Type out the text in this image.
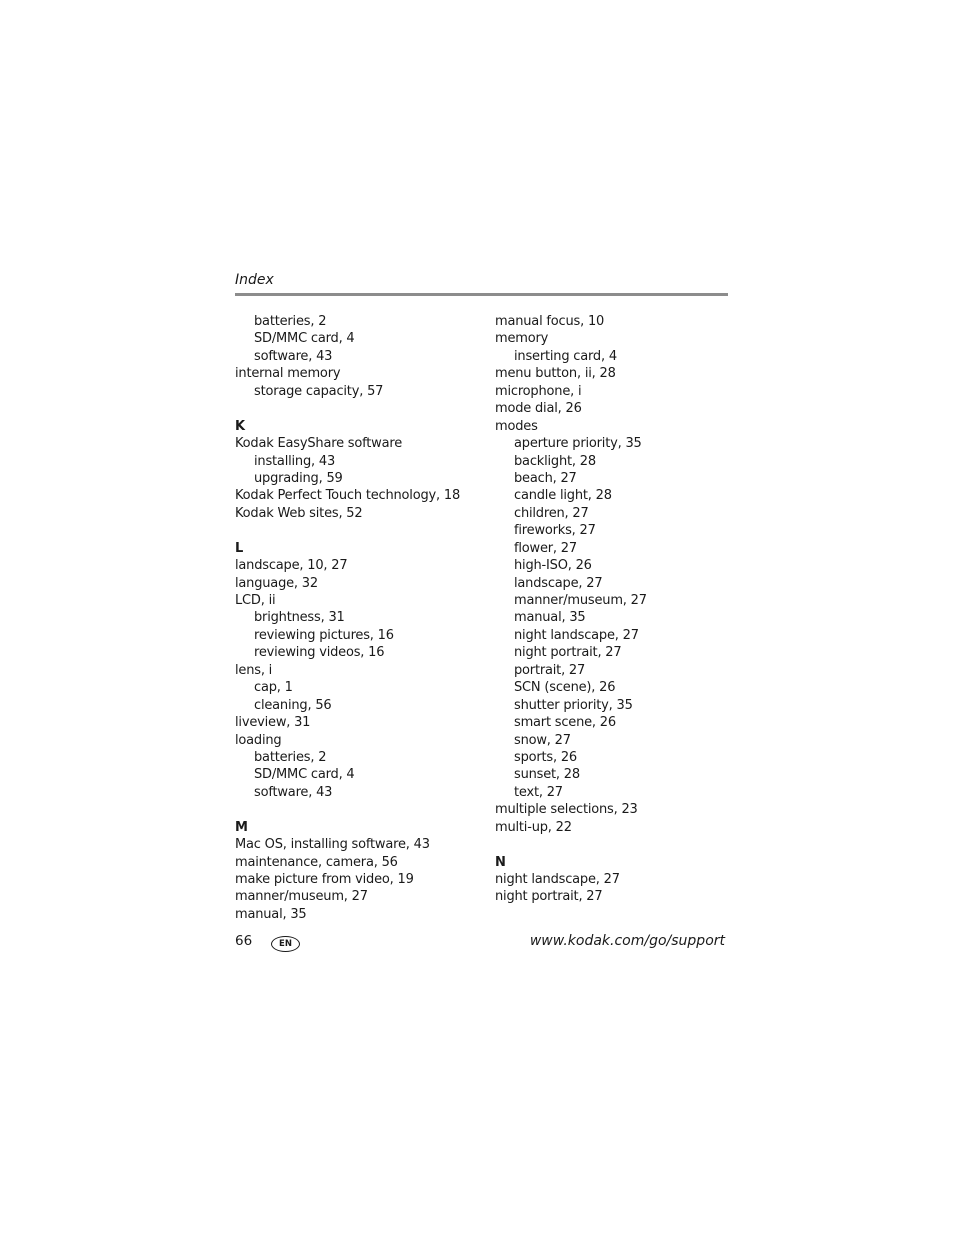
Index
batteries, 2
SD/MMC card, 4
software, 43
internal memory
storage capacity, 57
K
Kodak EasyShare software
installing, 43
upgrading, 59
Kodak Perfect Touch technology, 18
Kodak Web sites, 52
L
landscape, 10, 27
language, 32
LCD, ii
brightness, 31
reviewing pictures, 16
reviewing videos, 16
lens, i
cap, 1
cleaning, 56
liveview, 31
loading
batteries, 2
SD/MMC card, 4
software, 43
M
Mac OS, installing software, 43
maintenance, camera, 56
make picture from video, 19
manner/museum, 27
manual, 35
manual focus, 10
memory
inserting card, 4
menu button, ii, 28
microphone, i
mode dial, 26
modes
aperture priority, 35
backlight, 28
beach, 27
candle light, 28
children, 27
fireworks, 27
flower, 27
high-ISO, 26
landscape, 27
manner/museum, 27
manual, 35
night landscape, 27
night portrait, 27
portrait, 27
SCN (scene), 26
shutter priority, 35
smart scene, 26
snow, 27
sports, 26
sunset, 28
text, 27
multiple selections, 23
multi-up, 22
N
night landscape, 27
night portrait, 27
66	EN	www.kodak.com/go/support
